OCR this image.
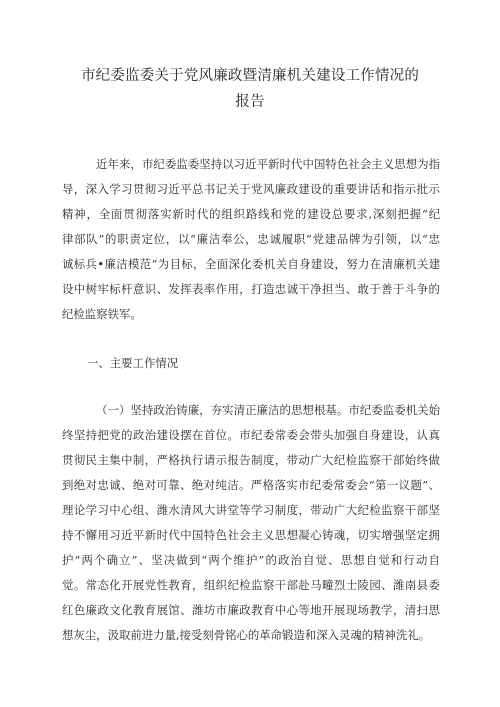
市纪委监委关于党风廉政暨清廉机关建设工作情况的
报告
近年来，市纪委监委坚持以习近平新时代中国特色社会主义思想为指
导，深入学习贯彻习近平总书记关于党风廉政建设的重要讲话和指示批示
精神，全面贯彻落实新时代的组织路线和党的建设总要求,深刻把握“纪
律部队”的职责定位，以“廉洁奉公，忠诚履职”党建品牌为引领，以“忠
诚标兵•廉洁模范”为目标，全面深化委机关自身建设，努力在清廉机关建
设中树牢标杆意识、发挥表率作用，打造忠诚干净担当、敢于善于斗争的
纪检监察铁军。
一、主要工作情况
（一）坚持政治铸廉，夯实清正廉洁的思想根基。市纪委监委机关始
终坚持把党的政治建设摆在首位。市纪委常委会带头加强自身建设，认真
贯彻民主集中制，严格执行请示报告制度，带动广大纪检监察干部始终做
到绝对忠诚、绝对可靠、绝对纯洁。严格落实市纪委常委会“第一议题”、
理论学习中心组、潍水清风大讲堂等学习制度，带动广大纪检监察干部坚
持不懈用习近平新时代中国特色社会主义思想凝心铸魂，切实增强坚定拥
护“两个确立”、坚决做到“两个维护”的政治自觉、思想自觉和行动自
觉。常态化开展党性教育，组织纪检监察干部赴马疃烈士陵园、潍南县委
红色廉政文化教育展馆、潍坊市廉政教育中心等地开展现场教学，清扫思
想灰尘，汲取前进力量,接受刻骨铭心的革命锻造和深入灵魂的精神洗礼。
